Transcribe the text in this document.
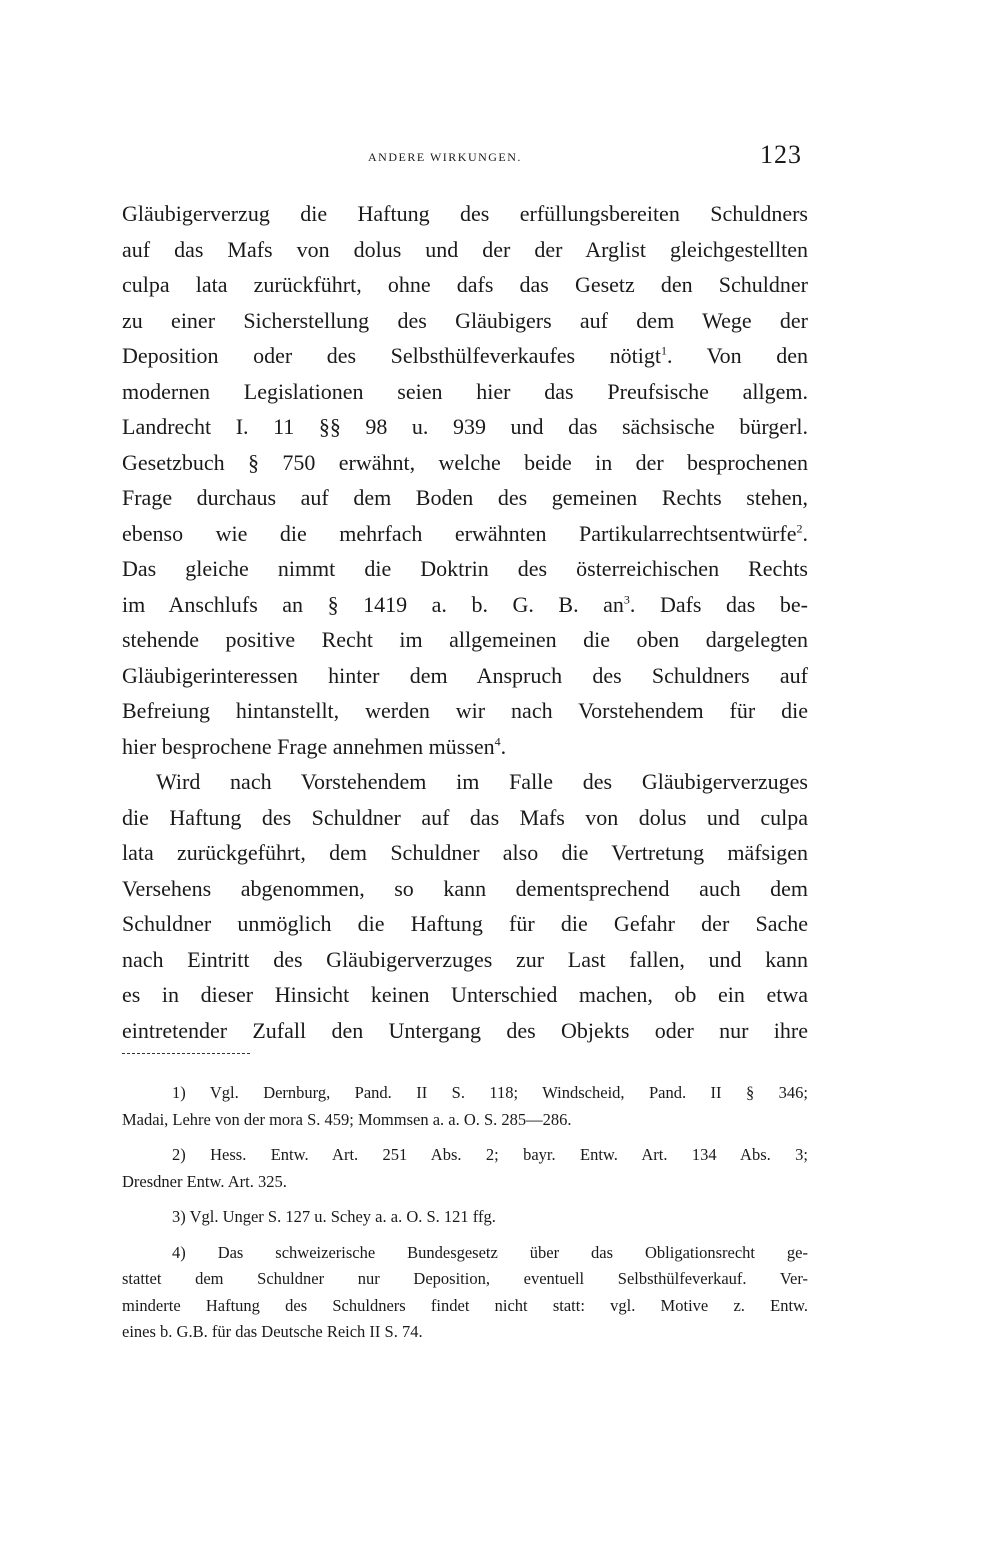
ANDERE WIRKUNGEN.	123
Gläubigerverzug die Haftung des erfüllungsbereiten Schuldners
auf das Mafs von dolus und der der Arglist gleichgestellten
culpa lata zurückführt, ohne dafs das Gesetz den Schuldner
zu einer Sicherstellung des Gläubigers auf dem Wege der
Deposition oder des Selbsthülfeverkaufes nötigt$^1$. Von den
modernen Legislationen seien hier das Preufsische allgem.
Landrecht I. 11 §§ 98 u. 939 und das sächsische bürgerl.
Gesetzbuch § 750 erwähnt, welche beide in der besprochenen
Frage durchaus auf dem Boden des gemeinen Rechts stehen,
ebenso wie die mehrfach erwähnten Partikularrechtsentwürfe$^2$.
Das gleiche nimmt die Doktrin des österreichischen Rechts
im Anschlufs an § 1419 a. b. G. B. $an^3$. Dafs das be-
stehende positive Recht im allgemeinen die oben dargelegten
Gläubigerinteressen hinter dem Anspruch des Schuldners auf
Befreiung hintanstellt, werden wir nach Vorstehendem für die
hier besprochene Frage annehmen müssen$^4$.
Wird nach Vorstehendem im Falle des Gläubigerverzuges
die Haftung des Schuldner auf das Mafs von dolus und culpa
lata zurückgeführt, dem Schuldner also die Vertretung mäfsigen
Versehens abgenommen, so kann dementsprechend auch dem
Schuldner unmöglich die Haftung für die Gefahr der Sache
nach Eintritt des Gläubigerverzuges zur Last fallen, und kann
es in dieser Hinsicht keinen Unterschied machen, ob ein etwa
eintretender Zufall den Untergang des Objekts oder nur ihre
1) Vgl. Dernburg, Pand. II S. 118; Windscheid, Pand. II § 346;
Madai, Lehre von der mora S. 459; Mommsen a. a. O. S. 285—286.
2) Hess. Entw. Art. 251 Abs. 2; bayr. Entw. Art. 134 Abs. 3;
Dresdner Entw. Art. 325.
3) Vgl. Unger S. 127 u. Schey a. a. O. S. 121 ffg.
4) Das schweizerische Bundesgesetz über das Obligationsrecht ge-
stattet dem Schuldner nur Deposition, eventuell Selbsthülfeverkauf. Ver-
minderte Haftung des Schuldners findet nicht statt: vgl. Motive z. Entw.
eines b. G.B. für das Deutsche Reich II S. 74.
